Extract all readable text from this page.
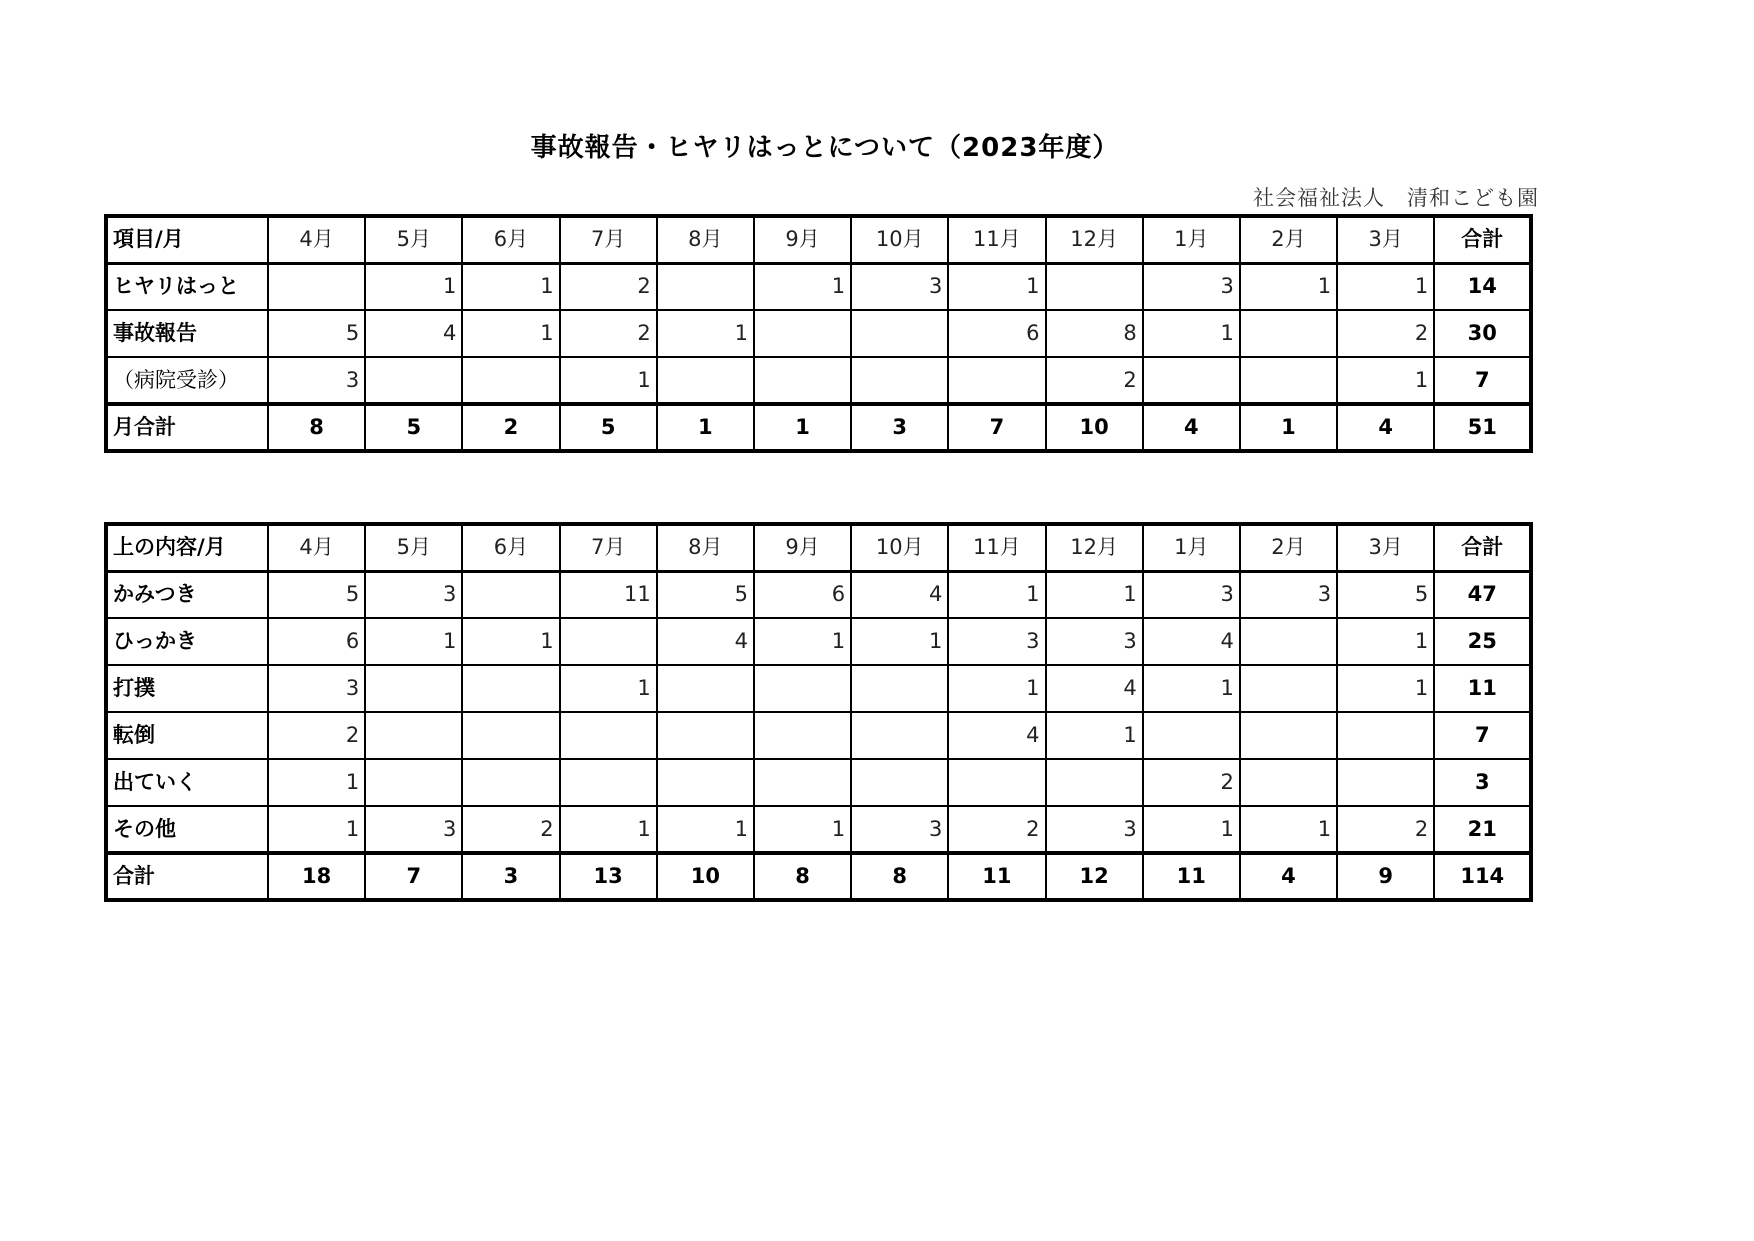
事故報告・ヒヤリはっとについて（2023年度）
社会福祉法人　清和こども園
項目/月	4月	5月	6月	7月	8月	9月	10月	11月	12月	1月	2月	3月	合計
ヒヤリはっと		1	1	2		1	3	1		3	1	1	14
事故報告	5	4	1	2	1			6	8	1		2	30
（病院受診）	3			1					2			1	7
月合計	8	5	2	5	1	1	3	7	10	4	1	4	51
上の内容/月	4月	5月	6月	7月	8月	9月	10月	11月	12月	1月	2月	3月	合計
かみつき	5	3		11	5	6	4	1	1	3	3	5	47
ひっかき	6	1	1		4	1	1	3	3	4		1	25
打撲	3			1				1	4	1		1	11
転倒	2							4	1				7
出ていく	1									2			3
その他	1	3	2	1	1	1	3	2	3	1	1	2	21
合計	18	7	3	13	10	8	8	11	12	11	4	9	114
